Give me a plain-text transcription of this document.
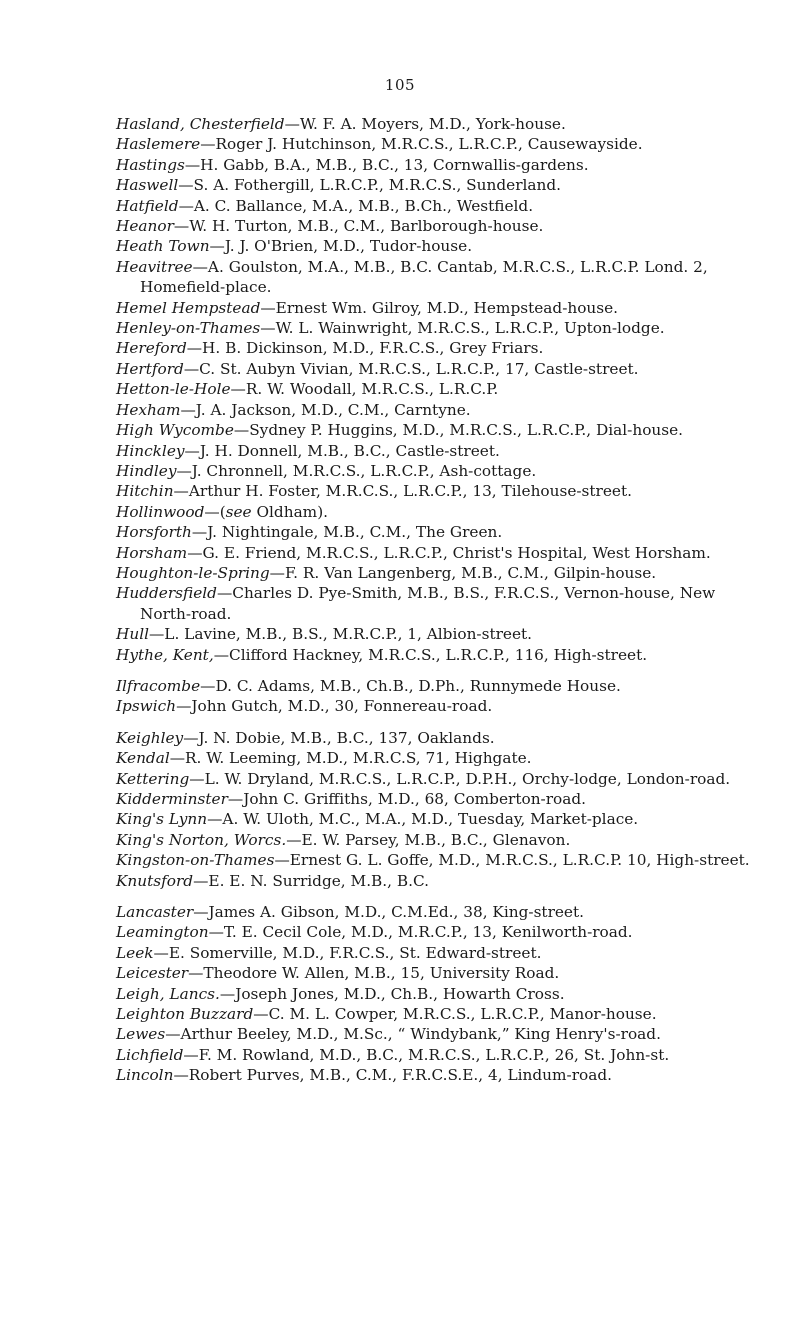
105

Hasland, Chesterfield—W. F. A. Moyers, M.D., York-house.

Haslemere—Roger J. Hutchinson, M.R.C.S., L.R.C.P., Causewayside.

Hastings—H. Gabb, B.A., M.B., B.C., 13, Cornwallis-gardens.

Haswell—S. A. Fothergill, L.R.C.P., M.R.C.S., Sunderland.

Hatfield—A. C. Ballance, M.A., M.B., B.Ch., Westfield.

Heanor—W. H. Turton, M.B., C.M., Barlborough-house.

Heath Town—J. J. O'Brien, M.D., Tudor-house.

Heavitree—A. Goulston, M.A., M.B., B.C. Cantab, M.R.C.S., L.R.C.P. Lond. 2, Homefield-place.

Hemel Hempstead—Ernest Wm. Gilroy, M.D., Hempstead-house.

Henley-on-Thames—W. L. Wainwright, M.R.C.S., L.R.C.P., Upton-lodge.

Hereford—H. B. Dickinson, M.D., F.R.C.S., Grey Friars.

Hertford—C. St. Aubyn Vivian, M.R.C.S., L.R.C.P., 17, Castle-street.

Hetton-le-Hole—R. W. Woodall, M.R.C.S., L.R.C.P.

Hexham—J. A. Jackson, M.D., C.M., Carntyne.

High Wycombe—Sydney P. Huggins, M.D., M.R.C.S., L.R.C.P., Dial-house.

Hinckley—J. H. Donnell, M.B., B.C., Castle-street.

Hindley—J. Chronnell, M.R.C.S., L.R.C.P., Ash-cottage.

Hitchin—Arthur H. Foster, M.R.C.S., L.R.C.P., 13, Tilehouse-street.

Hollinwood—(see Oldham).

Horsforth—J. Nightingale, M.B., C.M., The Green.

Horsham—G. E. Friend, M.R.C.S., L.R.C.P., Christ's Hospital, West Horsham.

Houghton-le-Spring—F. R. Van Langenberg, M.B., C.M., Gilpin-house.

Huddersfield—Charles D. Pye-Smith, M.B., B.S., F.R.C.S., Vernon-house, New North-road.

Hull—L. Lavine, M.B., B.S., M.R.C.P., 1, Albion-street.

Hythe, Kent,—Clifford Hackney, M.R.C.S., L.R.C.P., 116, High-street.

Ilfracombe—D. C. Adams, M.B., Ch.B., D.Ph., Runnymede House.

Ipswich—John Gutch, M.D., 30, Fonnereau-road.

Keighley—J. N. Dobie, M.B., B.C., 137, Oaklands.

Kendal—R. W. Leeming, M.D., M.R.C.S, 71, Highgate.

Kettering—L. W. Dryland, M.R.C.S., L.R.C.P., D.P.H., Orchy-lodge, London-road.

Kidderminster—John C. Griffiths, M.D., 68, Comberton-road.

King's Lynn—A. W. Uloth, M.C., M.A., M.D., Tuesday, Market-place.

King's Norton, Worcs.—E. W. Parsey, M.B., B.C., Glenavon.

Kingston-on-Thames—Ernest G. L. Goffe, M.D., M.R.C.S., L.R.C.P. 10, High-street.

Knutsford—E. E. N. Surridge, M.B., B.C.

Lancaster—James A. Gibson, M.D., C.M.Ed., 38, King-street.

Leamington—T. E. Cecil Cole, M.D., M.R.C.P., 13, Kenilworth-road.

Leek—E. Somerville, M.D., F.R.C.S., St. Edward-street.

Leicester—Theodore W. Allen, M.B., 15, University Road.

Leigh, Lancs.—Joseph Jones, M.D., Ch.B., Howarth Cross.

Leighton Buzzard—C. M. L. Cowper, M.R.C.S., L.R.C.P., Manor-house.

Lewes—Arthur Beeley, M.D., M.Sc., “ Windybank,” King Henry's-road.

Lichfield—F. M. Rowland, M.D., B.C., M.R.C.S., L.R.C.P., 26, St. John-st.

Lincoln—Robert Purves, M.B., C.M., F.R.C.S.E., 4, Lindum-road.
